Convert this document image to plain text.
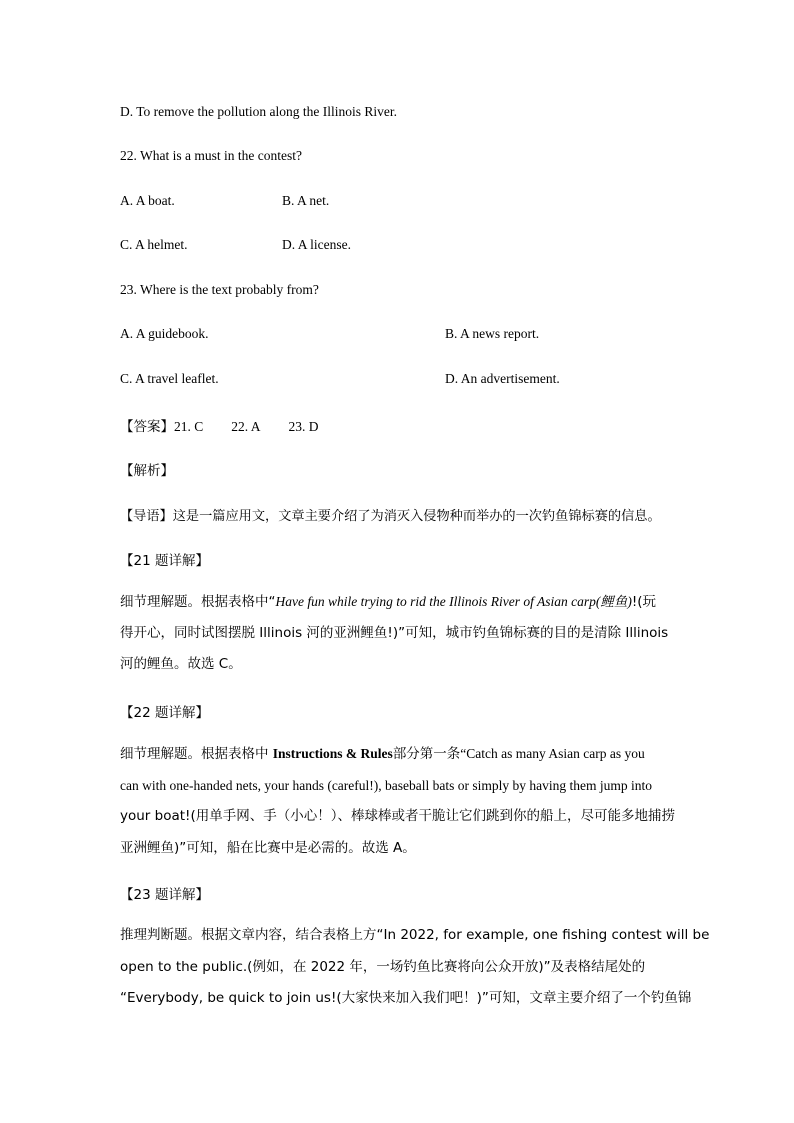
D. To remove the pollution along the Illinois River.
22. What is a must in the contest?
A. A boat.	B. A net.
C. A helmet.	D. A license.
23. Where is the text probably from?
A. A guidebook.	B. A news report.
C. A travel leaflet.	D. An advertisement.
【答案】21. C 22. A 23. D
【解析】
【导语】这是一篇应用文，文章主要介绍了为消灭入侵物种而举办的一次钓鱼锦标赛的信息。
【21 题详解】
细节理解题。根据表格中“Have fun while trying to rid the Illinois River of Asian carp(鲤鱼)!(玩
得开心，同时试图摆脱 Illinois 河的亚洲鲤鱼!)”可知，城市钓鱼锦标赛的目的是清除 Illinois
河的鲤鱼。故选 C。
【22 题详解】
细节理解题。根据表格中 Instructions & Rules部分第一条“Catch as many Asian carp as you
can with one-handed nets, your hands (careful!), baseball bats or simply by having them jump into
your boat!(用单手网、手（小心！）、棒球棒或者干脆让它们跳到你的船上，尽可能多地捕捞
亚洲鲤鱼)”可知，船在比赛中是必需的。故选 A。
【23 题详解】
推理判断题。根据文章内容，结合表格上方“In 2022, for example, one fishing contest will be
open to the public.(例如，在 2022 年，一场钓鱼比赛将向公众开放)”及表格结尾处的
“Everybody, be quick to join us!(大家快来加入我们吧！)”可知，文章主要介绍了一个钓鱼锦
